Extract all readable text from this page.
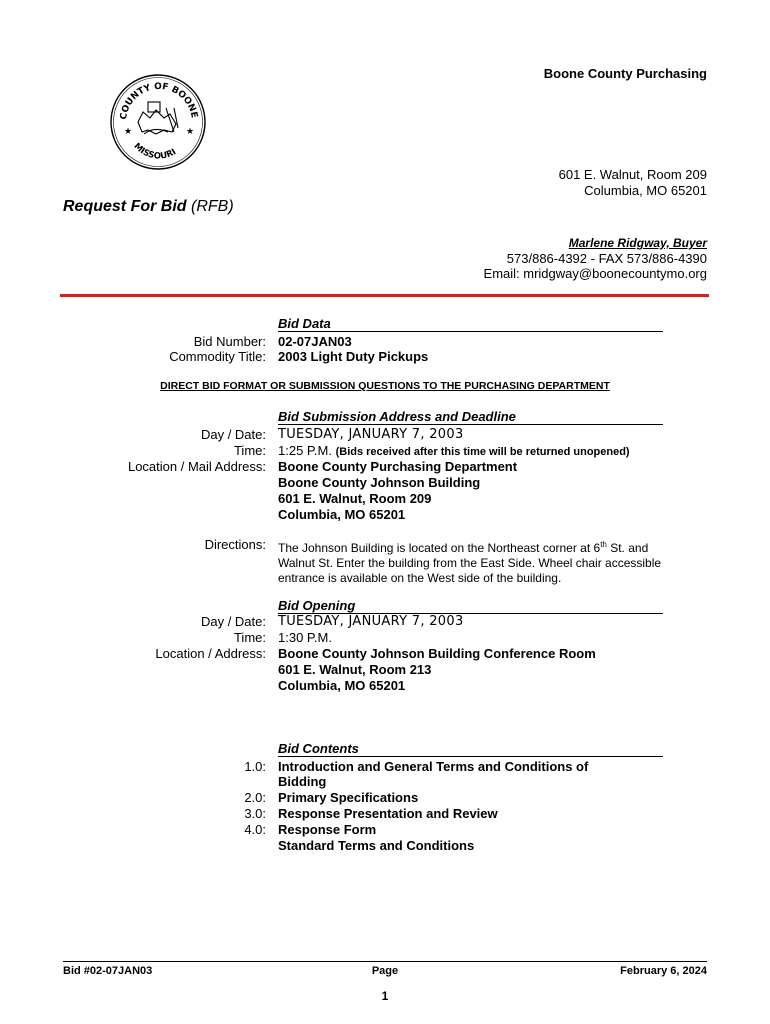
COUNTY OF BOONE
MISSOURI
★	★
Boone County Purchasing
601 E. Walnut, Room 209
Columbia, MO 65201
Request For Bid (RFB)
Marlene Ridgway, Buyer
573/886-4392 - FAX 573/886-4390
Email: mridgway@boonecountymo.org
Bid Data
Bid Number: 02-07JAN03
Commodity Title: 2003 Light Duty Pickups
DIRECT BID FORMAT OR SUBMISSION QUESTIONS TO THE PURCHASING DEPARTMENT
Bid Submission Address and Deadline
Day / Date: TUESDAY, JANUARY 7, 2003
Time: 1:25 P.M. (Bids received after this time will be returned unopened)
Location / Mail Address: Boone County Purchasing Department
Boone County Johnson Building
601 E. Walnut, Room 209
Columbia, MO 65201
Directions: The Johnson Building is located on the Northeast corner at 6th St. and Walnut St. Enter the building from the East Side. Wheel chair accessible entrance is available on the West side of the building.
Bid Opening
Day / Date: TUESDAY, JANUARY 7, 2003
Time: 1:30 P.M.
Location / Address: Boone County Johnson Building Conference Room
601 E. Walnut, Room 213
Columbia, MO 65201
Bid Contents
1.0: Introduction and General Terms and Conditions of
Bidding
2.0: Primary Specifications
3.0: Response Presentation and Review
4.0: Response Form
Standard Terms and Conditions
Bid #02-07JAN03	Page	February 6, 2024
1
